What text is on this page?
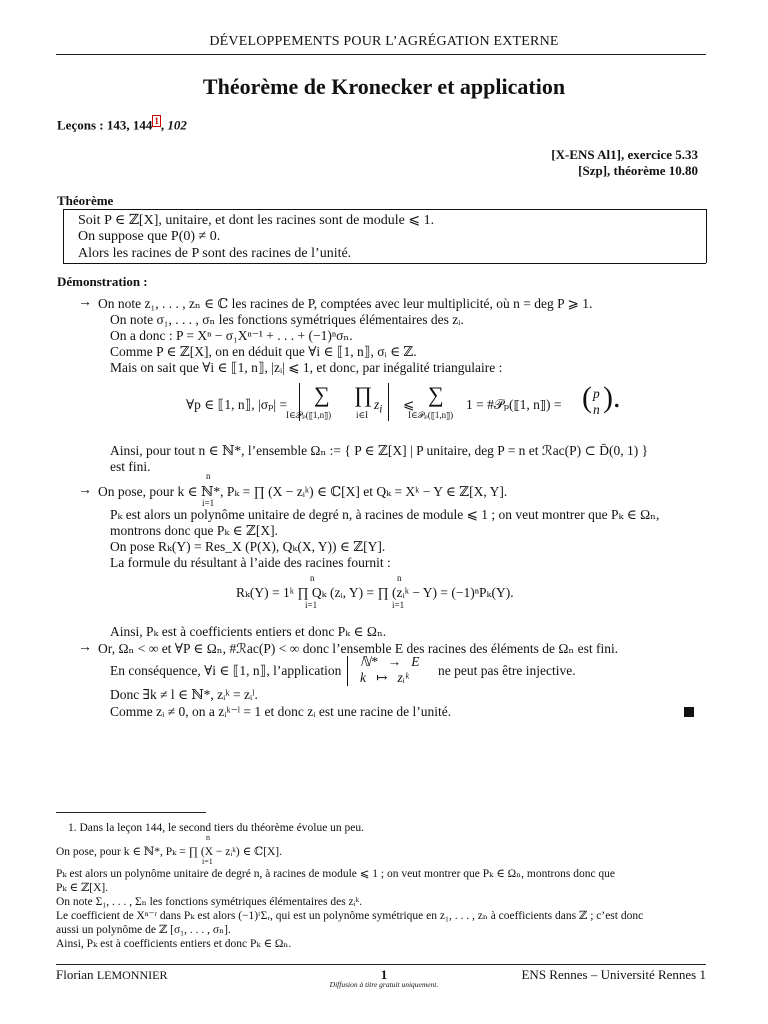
DÉVELOPPEMENTS POUR L’AGRÉGATION EXTERNE
Théorème de Kronecker et application
Leçons : 143, 144 $^1$ , 102
[X-ENS Al1], exercice 5.33
[Szp], théorème 10.80
Théorème
Soit P ∈ ℤ[X], unitaire, et dont les racines sont de module ⩽ 1.
On suppose que P(0) ≠ 0.
Alors les racines de P sont des racines de l’unité.
Démonstration :
→ On note z₁, . . . , zₙ ∈ ℂ les racines de P, comptées avec leur multiplicité, où n = deg P ⩾ 1.
On note σ₁, . . . , σₙ les fonctions symétriques élémentaires des zᵢ.
On a donc : P = Xⁿ − σ₁Xⁿ⁻¹ + . . . + (−1)ⁿσₙ.
Comme P ∈ ℤ[X], on en déduit que ∀i ∈ ⟦1, n⟧, σᵢ ∈ ℤ.
Mais on sait que ∀i ∈ ⟦1, n⟧, |zᵢ| ⩽ 1, et donc, par inégalité triangulaire :
∀p ∈ ⟦1, n⟧, |σₚ| = ∑ ∏ $z_i$
I∈𝒫ₚ(⟦1,n⟧)	i∈I
⩽ ∑
I∈𝒫ₚ(⟦1,n⟧)
1 = #𝒫ₚ(⟦1, n⟧) = ( p
n ).
Ainsi, pour tout n ∈ ℕ*, l’ensemble Ωₙ := { P ∈ ℤ[X] | P unitaire, deg P = n et ℛac(P) ⊂ D̄(0, 1) }
est fini.
→ On pose, pour k ∈ ℕ*, Pₖ = ∏ (X − zᵢᵏ) ∈ ℂ[X] et Qₖ = Xᵏ − Y ∈ ℤ[X, Y].
n
i=1
Pₖ est alors un polynôme unitaire de degré n, à racines de module ⩽ 1 ; on veut montrer que Pₖ ∈ Ωₙ,
montrons donc que Pₖ ∈ ℤ[X].
On pose Rₖ(Y) = Res_X (P(X), Qₖ(X, Y)) ∈ ℤ[Y].
La formule du résultant à l’aide des racines fournit :
Rₖ(Y) = 1ᵏ ∏ Qₖ (zᵢ, Y) = ∏ (zᵢᵏ − Y) = (−1)ⁿPₖ(Y).
n
i=1
n
i=1
Ainsi, Pₖ est à coefficients entiers et donc Pₖ ∈ Ωₙ.
→ Or, Ωₙ < ∞ et ∀P ∈ Ωₙ, #ℛac(P) < ∞ donc l’ensemble E des racines des éléments de Ωₙ est fini.
En conséquence, ∀i ∈ ⟦1, n⟧, l’application
ℕ*   →   E
k   ↦   zᵢᵏ ne peut pas être injective.
Donc ∃k ≠ l ∈ ℕ*, zᵢᵏ = zᵢˡ.
Comme zᵢ ≠ 0, on a zᵢᵏ⁻ˡ = 1 et donc zᵢ est une racine de l’unité.
1. Dans la leçon 144, le second tiers du théorème évolue un peu.
On pose, pour k ∈ ℕ*, Pₖ = ∏ (X − zᵢᵏ) ∈ ℂ[X].
n
i=1
Pₖ est alors un polynôme unitaire de degré n, à racines de module ⩽ 1 ; on veut montrer que Pₖ ∈ Ωₙ, montrons donc que
Pₖ ∈ ℤ[X].
On note Σ₁, . . . , Σₙ les fonctions symétriques élémentaires des zᵢᵏ.
Le coefficient de Xⁿ⁻ʳ dans Pₖ est alors (−1)ʳΣᵣ, qui est un polynôme symétrique en z₁, . . . , zₙ à coefficients dans ℤ ; c’est donc
aussi un polynôme de ℤ [σ₁, . . . , σₙ].
Ainsi, Pₖ est à coefficients entiers et donc Pₖ ∈ Ωₙ.
Florian LEMONNIER	1	ENS Rennes – Université Rennes 1
Diffusion à titre gratuit uniquement.
